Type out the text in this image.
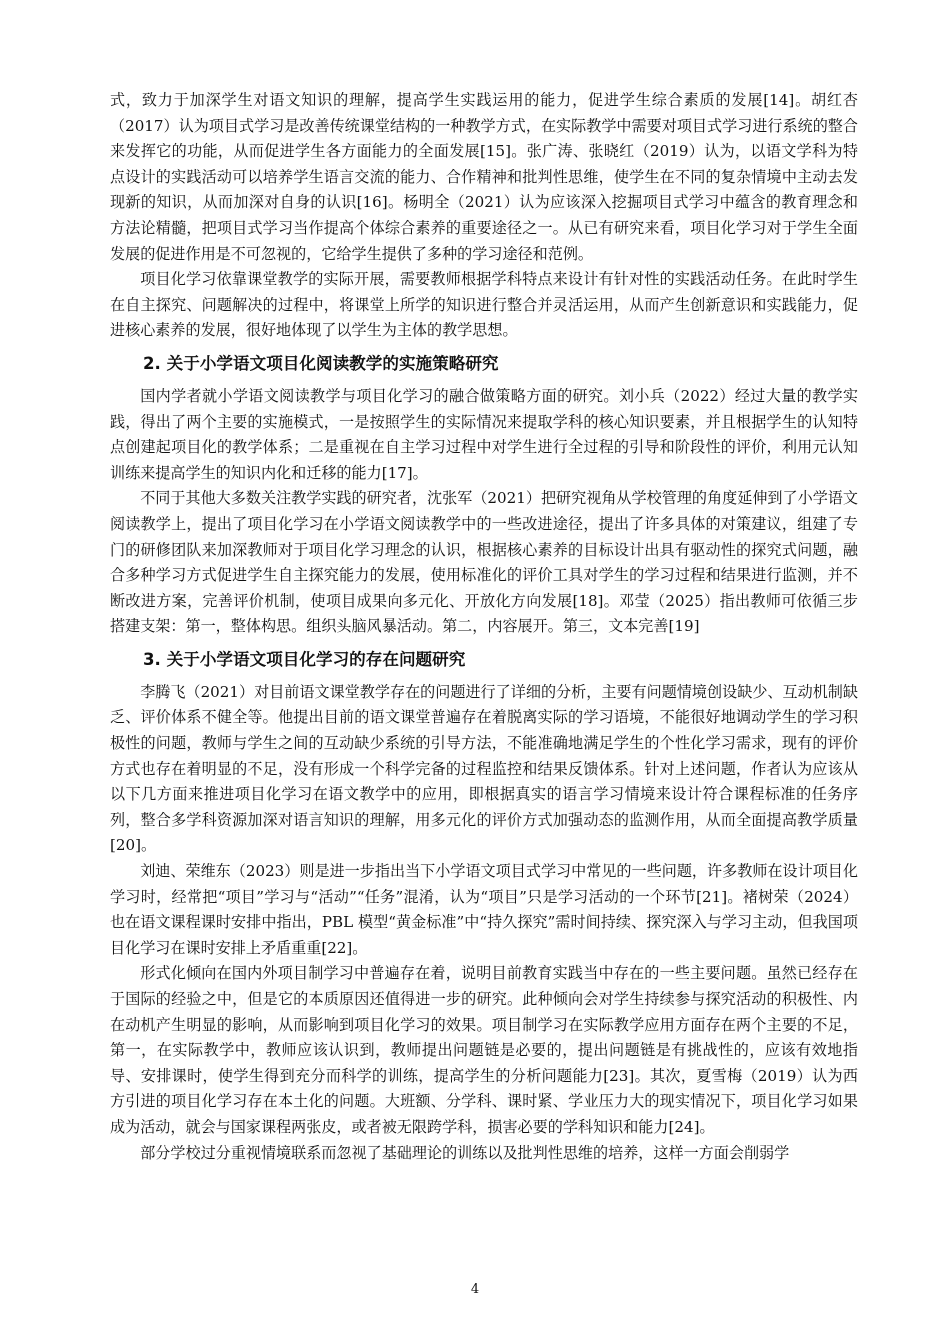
式，致力于加深学生对语文知识的理解，提高学生实践运用的能力，促进学生综合素质的发展[14]。胡红杏（2017）认为项目式学习是改善传统课堂结构的一种教学方式，在实际教学中需要对项目式学习进行系统的整合来发挥它的功能，从而促进学生各方面能力的全面发展[15]。张广涛、张晓红（2019）认为，以语文学科为特点设计的实践活动可以培养学生语言交流的能力、合作精神和批判性思维，使学生在不同的复杂情境中主动去发现新的知识，从而加深对自身的认识[16]。杨明全（2021）认为应该深入挖掘项目式学习中蕴含的教育理念和方法论精髓，把项目式学习当作提高个体综合素养的重要途径之一。从已有研究来看，项目化学习对于学生全面发展的促进作用是不可忽视的，它给学生提供了多种的学习途径和范例。

项目化学习依靠课堂教学的实际开展，需要教师根据学科特点来设计有针对性的实践活动任务。在此时学生在自主探究、问题解决的过程中，将课堂上所学的知识进行整合并灵活运用，从而产生创新意识和实践能力，促进核心素养的发展，很好地体现了以学生为主体的教学思想。

2. 关于小学语文项目化阅读教学的实施策略研究

国内学者就小学语文阅读教学与项目化学习的融合做策略方面的研究。刘小兵（2022）经过大量的教学实践，得出了两个主要的实施模式，一是按照学生的实际情况来提取学科的核心知识要素，并且根据学生的认知特点创建起项目化的教学体系；二是重视在自主学习过程中对学生进行全过程的引导和阶段性的评价，利用元认知训练来提高学生的知识内化和迁移的能力[17]。

不同于其他大多数关注教学实践的研究者，沈张军（2021）把研究视角从学校管理的角度延伸到了小学语文阅读教学上，提出了项目化学习在小学语文阅读教学中的一些改进途径，提出了许多具体的对策建议，组建了专门的研修团队来加深教师对于项目化学习理念的认识，根据核心素养的目标设计出具有驱动性的探究式问题，融合多种学习方式促进学生自主探究能力的发展，使用标准化的评价工具对学生的学习过程和结果进行监测，并不断改进方案，完善评价机制，使项目成果向多元化、开放化方向发展[18]。邓莹（2025）指出教师可依循三步搭建支架：第一，整体构思。组织头脑风暴活动。第二，内容展开。第三，文本完善[19]

3. 关于小学语文项目化学习的存在问题研究

李腾飞（2021）对目前语文课堂教学存在的问题进行了详细的分析，主要有问题情境创设缺少、互动机制缺乏、评价体系不健全等。他提出目前的语文课堂普遍存在着脱离实际的学习语境，不能很好地调动学生的学习积极性的问题，教师与学生之间的互动缺少系统的引导方法，不能准确地满足学生的个性化学习需求，现有的评价方式也存在着明显的不足，没有形成一个科学完备的过程监控和结果反馈体系。针对上述问题，作者认为应该从以下几方面来推进项目化学习在语文教学中的应用，即根据真实的语言学习情境来设计符合课程标准的任务序列，整合多学科资源加深对语言知识的理解，用多元化的评价方式加强动态的监测作用，从而全面提高教学质量[20]。

刘迪、荣维东（2023）则是进一步指出当下小学语文项目式学习中常见的一些问题，许多教师在设计项目化学习时，经常把“项目”学习与“活动”“任务”混淆，认为“项目”只是学习活动的一个环节[21]。褚树荣（2024）也在语文课程课时安排中指出，PBL 模型“黄金标准”中“持久探究”需时间持续、探究深入与学习主动，但我国项目化学习在课时安排上矛盾重重[22]。

形式化倾向在国内外项目制学习中普遍存在着，说明目前教育实践当中存在的一些主要问题。虽然已经存在于国际的经验之中，但是它的本质原因还值得进一步的研究。此种倾向会对学生持续参与探究活动的积极性、内在动机产生明显的影响，从而影响到项目化学习的效果。项目制学习在实际教学应用方面存在两个主要的不足，第一，在实际教学中，教师应该认识到，教师提出问题链是必要的，提出问题链是有挑战性的，应该有效地指导、安排课时，使学生得到充分而科学的训练，提高学生的分析问题能力[23]。其次，夏雪梅（2019）认为西方引进的项目化学习存在本土化的问题。大班额、分学科、课时紧、学业压力大的现实情况下，项目化学习如果成为活动，就会与国家课程两张皮，或者被无限跨学科，损害必要的学科知识和能力[24]。

部分学校过分重视情境联系而忽视了基础理论的训练以及批判性思维的培养，这样一方面会削弱学

4
